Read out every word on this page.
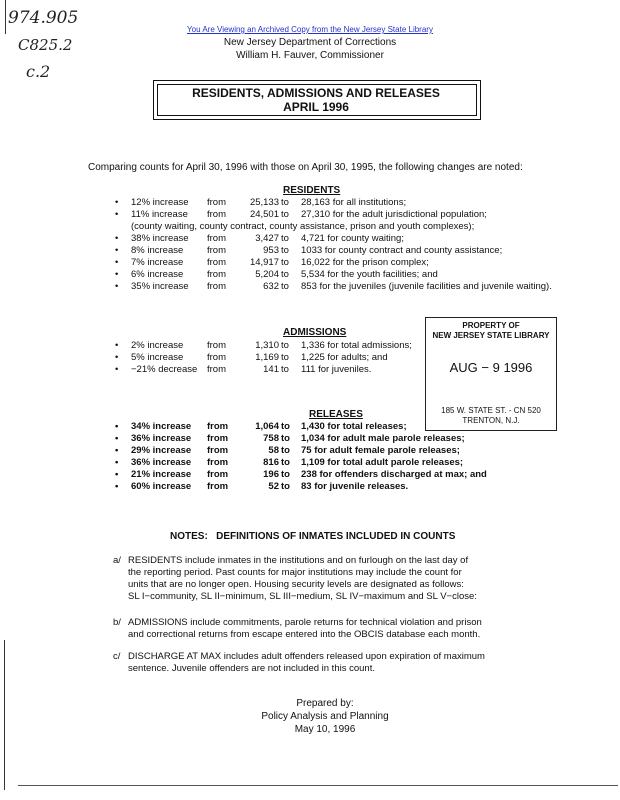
974.905
C825.2
c.2
You Are Viewing an Archived Copy from the New Jersey State Library
New Jersey Department of Corrections
William H. Fauver, Commissioner
RESIDENTS, ADMISSIONS AND RELEASES
APRIL 1996
Comparing counts for April 30, 1996 with those on April 30, 1995, the following changes are noted:
RESIDENTS
• 12% increase from	25,133 to 28,163 for all institutions;
• 11% increase from	24,501 to 27,310 for the adult jurisdictional population;
(county waiting, county contract, county assistance, prison and youth complexes);
• 38% increase from	3,427 to 4,721 for county waiting;
• 8% increase from	953 to 1033 for county contract and county assistance;
• 7% increase from	14,917 to 16,022 for the prison complex;
• 6% increase from	5,204 to 5,534 for the youth facilities; and
• 35% increase from	632 to 853 for the juveniles (juvenile facilities and juvenile waiting).
ADMISSIONS
• 2% increase from	1,310 to 1,336 for total admissions;
• 5% increase from	1,169 to 1,225 for adults; and
• −21% decrease from	141 to 111 for juveniles.
PROPERTY OF
NEW JERSEY STATE LIBRARY
AUG − 9 1996
185 W. STATE ST. - CN 520
TRENTON, N.J.
RELEASES
• 34% increase from	1,064 to 1,430 for total releases;
• 36% increase from	758 to 1,034 for adult male parole releases;
• 29% increase from	58 to 75 for adult female parole releases;
• 36% increase from	816 to 1,109 for total adult parole releases;
• 21% increase from	196 to 238 for offenders discharged at max; and
• 60% increase from	52 to 83 for juvenile releases.
NOTES:   DEFINITIONS OF INMATES INCLUDED IN COUNTS
a/ RESIDENTS include inmates in the institutions and on furlough on the last day of
the reporting period. Past counts for major institutions may include the count for
units that are no longer open. Housing security levels are designated as follows:
SL I−community, SL II−minimum, SL III−medium, SL IV−maximum and SL V−close:
b/ ADMISSIONS include commitments, parole returns for technical violation and prison
and correctional returns from escape entered into the OBCIS database each month.
c/ DISCHARGE AT MAX includes adult offenders released upon expiration of maximum
sentence. Juvenile offenders are not included in this count.
Prepared by:
Policy Analysis and Planning
May 10, 1996
